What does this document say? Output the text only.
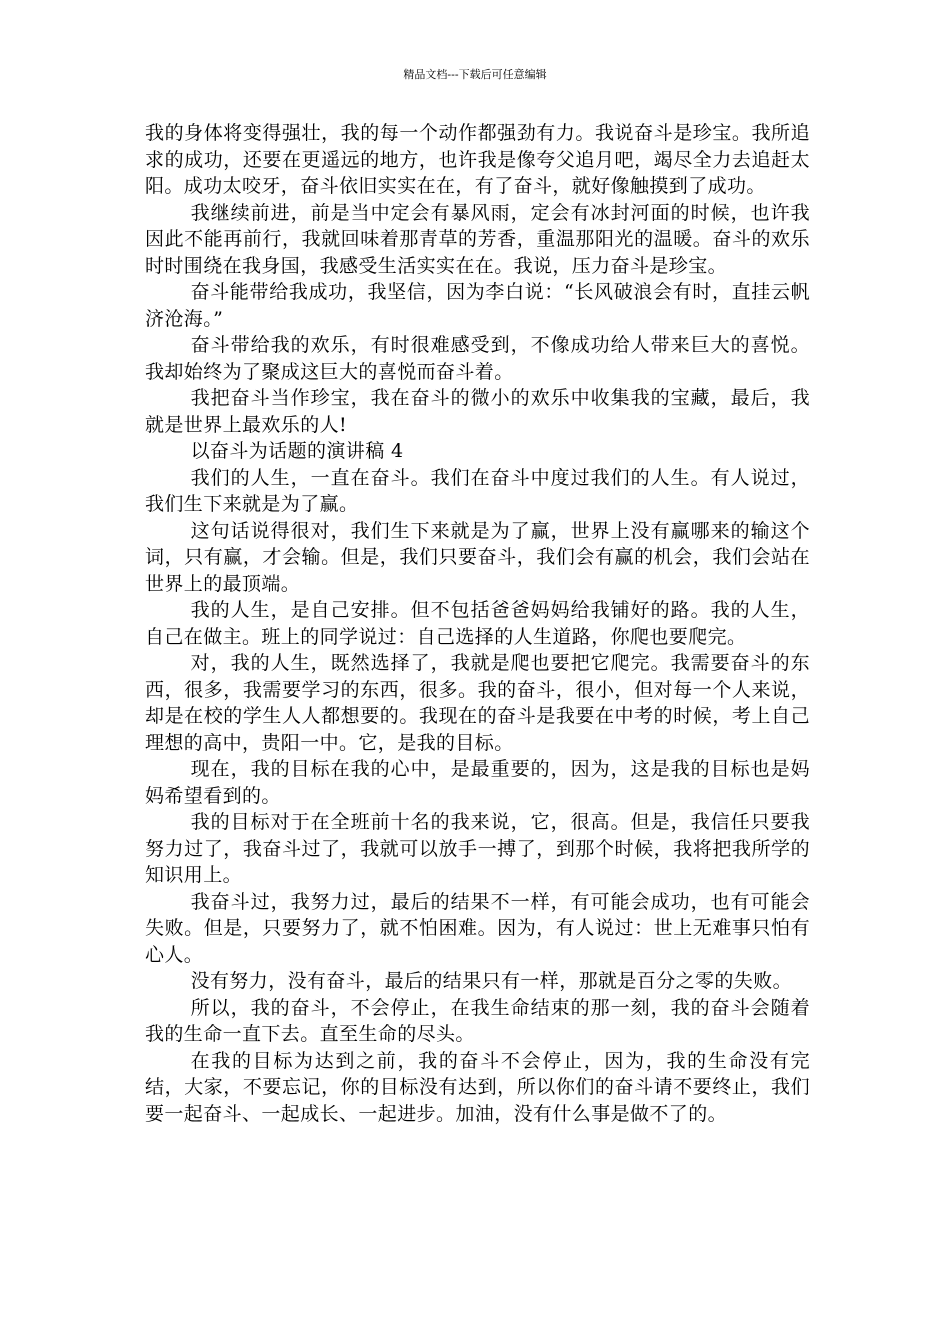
精品文档---下载后可任意编辑

我的身体将变得强壮，我的每一个动作都强劲有力。我说奋斗是珍宝。我所追求的成功，还要在更遥远的地方，也许我是像夸父追月吧，竭尽全力去追赶太阳。成功太咬牙，奋斗依旧实实在在，有了奋斗，就好像触摸到了成功。

我继续前进，前是当中定会有暴风雨，定会有冰封河面的时候，也许我因此不能再前行，我就回味着那青草的芳香，重温那阳光的温暖。奋斗的欢乐时时围绕在我身国，我感受生活实实在在。我说，压力奋斗是珍宝。

奋斗能带给我成功，我坚信，因为李白说：“长风破浪会有时，直挂云帆济沧海。”

奋斗带给我的欢乐，有时很难感受到，不像成功给人带来巨大的喜悦。我却始终为了聚成这巨大的喜悦而奋斗着。

我把奋斗当作珍宝，我在奋斗的微小的欢乐中收集我的宝藏，最后，我就是世界上最欢乐的人!

以奋斗为话题的演讲稿 4

我们的人生，一直在奋斗。我们在奋斗中度过我们的人生。有人说过，我们生下来就是为了赢。

这句话说得很对，我们生下来就是为了赢，世界上没有赢哪来的输这个词，只有赢，才会输。但是，我们只要奋斗，我们会有赢的机会，我们会站在世界上的最顶端。

我的人生，是自己安排。但不包括爸爸妈妈给我铺好的路。我的人生，自己在做主。班上的同学说过：自己选择的人生道路，你爬也要爬完。

对，我的人生，既然选择了，我就是爬也要把它爬完。我需要奋斗的东西，很多，我需要学习的东西，很多。我的奋斗，很小，但对每一个人来说，却是在校的学生人人都想要的。我现在的奋斗是我要在中考的时候，考上自己理想的高中，贵阳一中。它，是我的目标。

现在，我的目标在我的心中，是最重要的，因为，这是我的目标也是妈妈希望看到的。

我的目标对于在全班前十名的我来说，它，很高。但是，我信任只要我努力过了，我奋斗过了，我就可以放手一搏了，到那个时候，我将把我所学的知识用上。

我奋斗过，我努力过，最后的结果不一样，有可能会成功，也有可能会失败。但是，只要努力了，就不怕困难。因为，有人说过：世上无难事只怕有心人。

没有努力，没有奋斗，最后的结果只有一样，那就是百分之零的失败。

所以，我的奋斗，不会停止，在我生命结束的那一刻，我的奋斗会随着我的生命一直下去。直至生命的尽头。

在我的目标为达到之前，我的奋斗不会停止，因为，我的生命没有完结，大家，不要忘记，你的目标没有达到，所以你们的奋斗请不要终止，我们要一起奋斗、一起成长、一起进步。加油，没有什么事是做不了的。
